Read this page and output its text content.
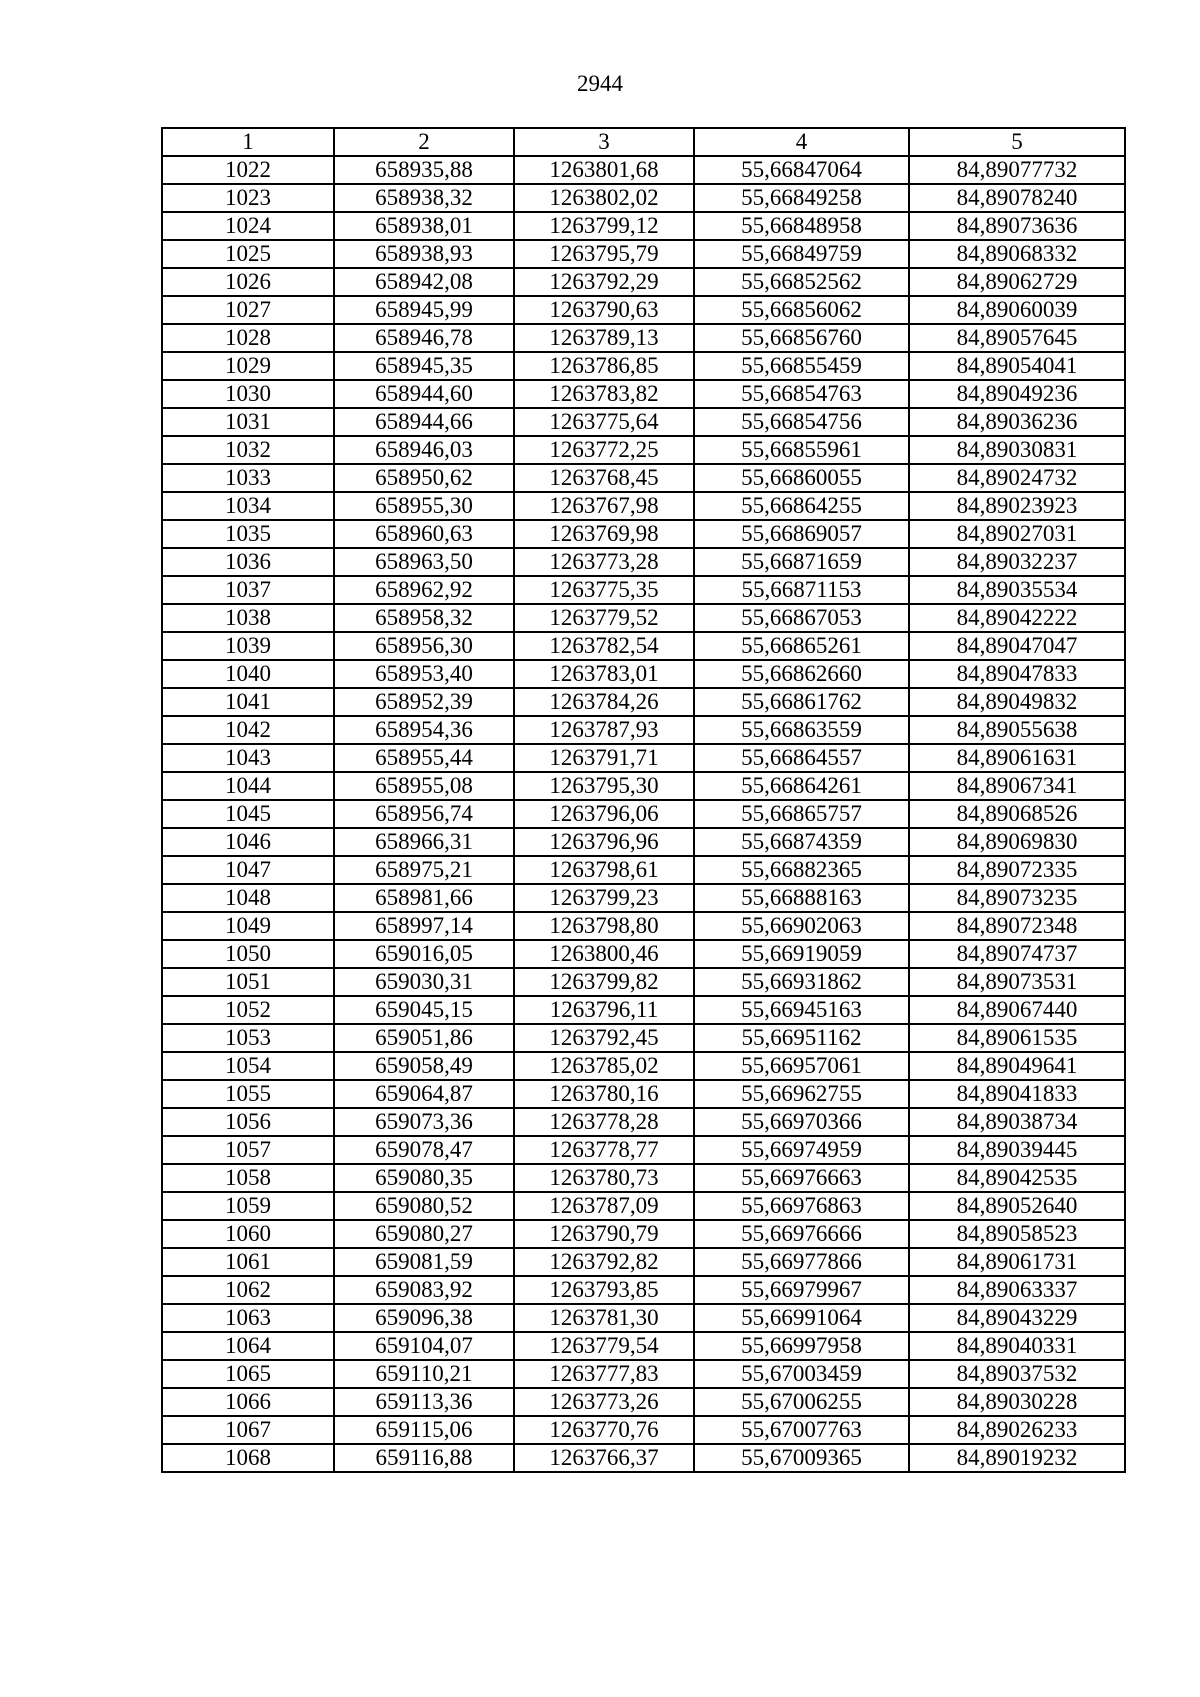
2944
1	2	3	4	5
1022	658935,88	1263801,68	55,66847064	84,89077732
1023	658938,32	1263802,02	55,66849258	84,89078240
1024	658938,01	1263799,12	55,66848958	84,89073636
1025	658938,93	1263795,79	55,66849759	84,89068332
1026	658942,08	1263792,29	55,66852562	84,89062729
1027	658945,99	1263790,63	55,66856062	84,89060039
1028	658946,78	1263789,13	55,66856760	84,89057645
1029	658945,35	1263786,85	55,66855459	84,89054041
1030	658944,60	1263783,82	55,66854763	84,89049236
1031	658944,66	1263775,64	55,66854756	84,89036236
1032	658946,03	1263772,25	55,66855961	84,89030831
1033	658950,62	1263768,45	55,66860055	84,89024732
1034	658955,30	1263767,98	55,66864255	84,89023923
1035	658960,63	1263769,98	55,66869057	84,89027031
1036	658963,50	1263773,28	55,66871659	84,89032237
1037	658962,92	1263775,35	55,66871153	84,89035534
1038	658958,32	1263779,52	55,66867053	84,89042222
1039	658956,30	1263782,54	55,66865261	84,89047047
1040	658953,40	1263783,01	55,66862660	84,89047833
1041	658952,39	1263784,26	55,66861762	84,89049832
1042	658954,36	1263787,93	55,66863559	84,89055638
1043	658955,44	1263791,71	55,66864557	84,89061631
1044	658955,08	1263795,30	55,66864261	84,89067341
1045	658956,74	1263796,06	55,66865757	84,89068526
1046	658966,31	1263796,96	55,66874359	84,89069830
1047	658975,21	1263798,61	55,66882365	84,89072335
1048	658981,66	1263799,23	55,66888163	84,89073235
1049	658997,14	1263798,80	55,66902063	84,89072348
1050	659016,05	1263800,46	55,66919059	84,89074737
1051	659030,31	1263799,82	55,66931862	84,89073531
1052	659045,15	1263796,11	55,66945163	84,89067440
1053	659051,86	1263792,45	55,66951162	84,89061535
1054	659058,49	1263785,02	55,66957061	84,89049641
1055	659064,87	1263780,16	55,66962755	84,89041833
1056	659073,36	1263778,28	55,66970366	84,89038734
1057	659078,47	1263778,77	55,66974959	84,89039445
1058	659080,35	1263780,73	55,66976663	84,89042535
1059	659080,52	1263787,09	55,66976863	84,89052640
1060	659080,27	1263790,79	55,66976666	84,89058523
1061	659081,59	1263792,82	55,66977866	84,89061731
1062	659083,92	1263793,85	55,66979967	84,89063337
1063	659096,38	1263781,30	55,66991064	84,89043229
1064	659104,07	1263779,54	55,66997958	84,89040331
1065	659110,21	1263777,83	55,67003459	84,89037532
1066	659113,36	1263773,26	55,67006255	84,89030228
1067	659115,06	1263770,76	55,67007763	84,89026233
1068	659116,88	1263766,37	55,67009365	84,89019232
